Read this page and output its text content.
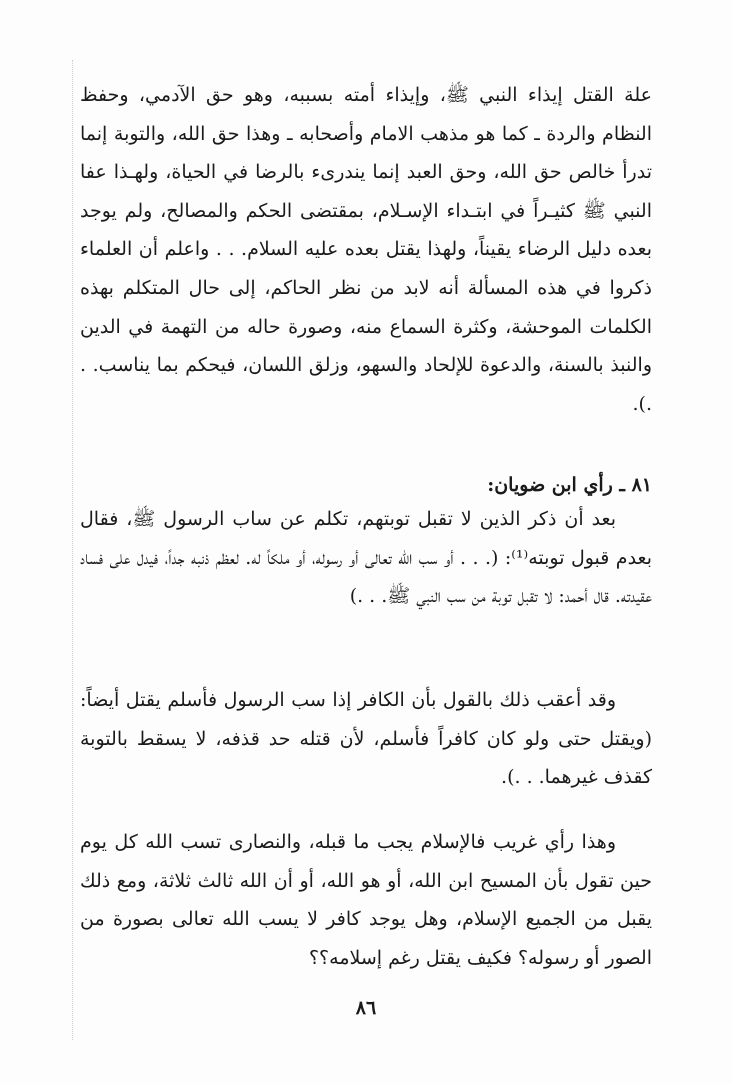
علة القتل إيذاء النبي ﷺ، وإيذاء أمته بسببه، وهو حق الآدمي، وحفظ النظام والردة ـ كما هو مذهب الامام وأصحابه ـ وهذا حق الله، والتوبة إنما تدرأ خالص حق الله، وحق العبد إنما يندرىء بالرضا في الحياة، ولهـذا عفا النبي ﷺ كثيـراً في ابتـداء الإسـلام، بمقتضى الحكم والمصالح، ولم يوجد بعده دليل الرضاء يقيناً، ولهذا يقتل بعده عليه السلام. . . واعلم أن العلماء ذكروا في هذه المسألة أنه لابد من نظر الحاكم، إلى حال المتكلم بهذه الكلمات الموحشة، وكثرة السماع منه، وصورة حاله من التهمة في الدين والنبذ بالسنة، والدعوة للإلحاد والسهو، وزلق اللسان، فيحكم بما يناسب. . .).
٨١ ـ رأي ابن ضويان:
بعد أن ذكر الذين لا تقبل توبتهم، تكلم عن ساب الرسول ﷺ، فقال بعدم قبول توبته⁽¹⁾: (. . . أو سب الله تعالى أو رسوله، أو ملكاً له. لعظم ذنبه جداً، فيدل على فساد عقيدته. قال أحمد: لا تقبل توبة من سب النبي ﷺ. . .)
وقد أعقب ذلك بالقول بأن الكافر إذا سب الرسول فأسلم يقتل أيضاً: (ويقتل حتى ولو كان كافراً فأسلم، لأن قتله حد قذفه، لا يسقط بالتوبة كقذف غيرهما. . .).
وهذا رأي غريب فالإسلام يجب ما قبله، والنصارى تسب الله كل يوم حين تقول بأن المسيح ابن الله، أو هو الله، أو أن الله ثالث ثلاثة، ومع ذلك يقبل من الجميع الإسلام، وهل يوجد كافر لا يسب الله تعالى بصورة من الصور أو رسوله؟ فكيف يقتل رغم إسلامه؟؟
٨٦
